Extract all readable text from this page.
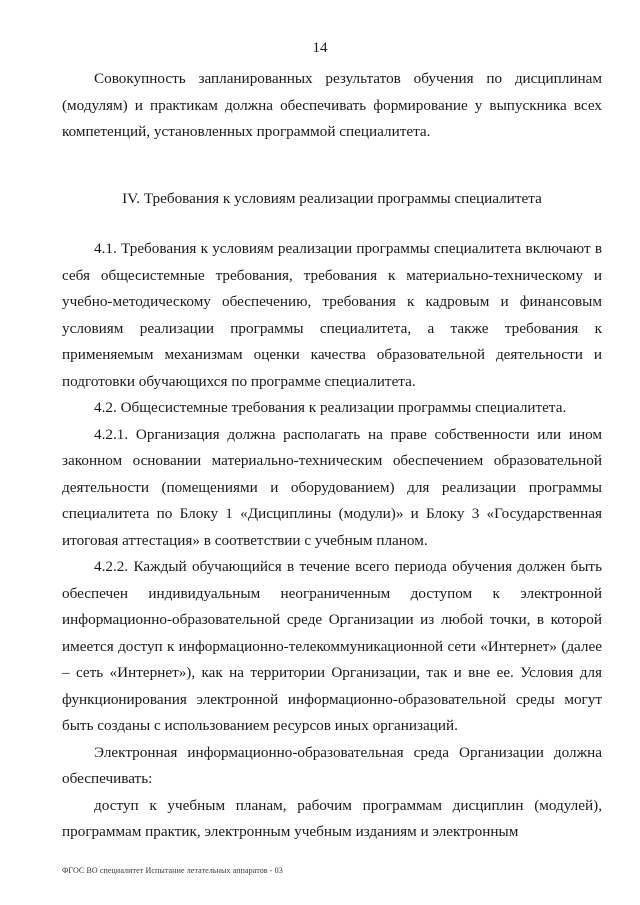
14

Совокупность запланированных результатов обучения по дисциплинам (модулям) и практикам должна обеспечивать формирование у выпускника всех компетенций, установленных программой специалитета.

IV. Требования к условиям реализации программы специалитета

4.1. Требования к условиям реализации программы специалитета включают в себя общесистемные требования, требования к материально-техническому и учебно-методическому обеспечению, требования к кадровым и финансовым условиям реализации программы специалитета, а также требования к применяемым механизмам оценки качества образовательной деятельности и подготовки обучающихся по программе специалитета.

4.2. Общесистемные требования к реализации программы специалитета.

4.2.1. Организация должна располагать на праве собственности или ином законном основании материально-техническим обеспечением образовательной деятельности (помещениями и оборудованием) для реализации программы специалитета по Блоку 1 «Дисциплины (модули)» и Блоку 3 «Государственная итоговая аттестация» в соответствии с учебным планом.

4.2.2. Каждый обучающийся в течение всего периода обучения должен быть обеспечен индивидуальным неограниченным доступом к электронной информационно-образовательной среде Организации из любой точки, в которой имеется доступ к информационно-телекоммуникационной сети «Интернет» (далее – сеть «Интернет»), как на территории Организации, так и вне ее. Условия для функционирования электронной информационно-образовательной среды могут быть созданы с использованием ресурсов иных организаций.

Электронная информационно-образовательная среда Организации должна обеспечивать:

доступ к учебным планам, рабочим программам дисциплин (модулей), программам практик, электронным учебным изданиям и электронным

ФГОС ВО специалитет Испытание летательных аппаратов - 03
